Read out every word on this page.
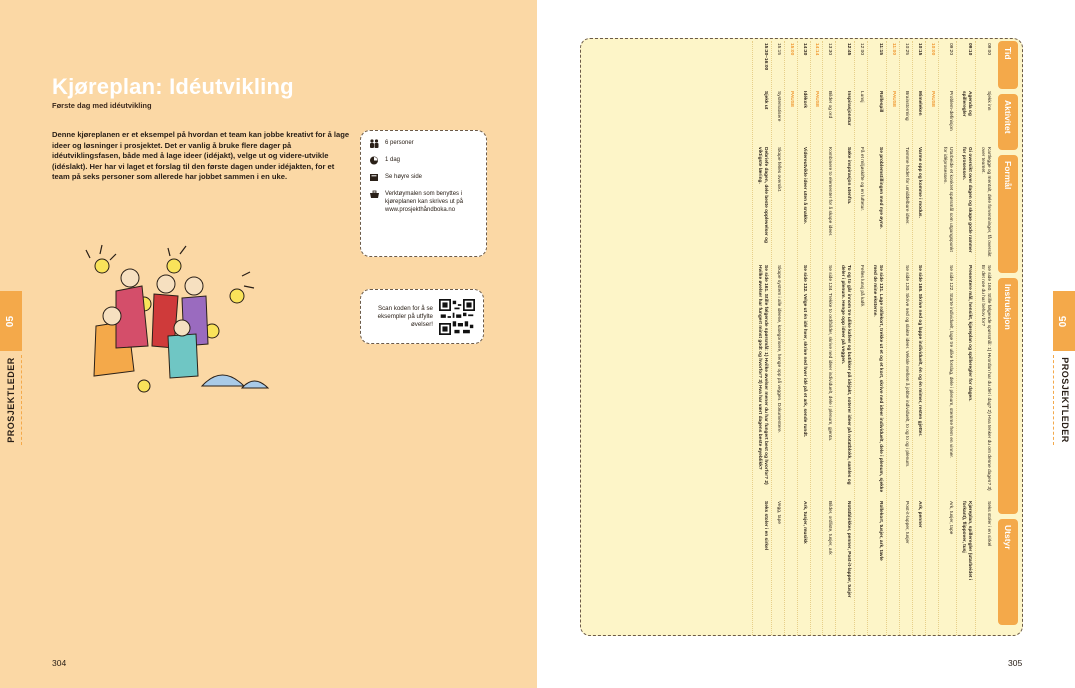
Kjøreplan: Idéutvikling
Første dag med idéutvikling
Denne kjøreplanen er et eksempel på hvordan et team kan jobbe kreativt for å lage ideer og løsninger i prosjektet. Det er vanlig å bruke flere dager på idéutviklingsfasen, både med å lage ideer (idéjakt), velge ut og videre-utvikle (idéslakt). Her har vi laget et forslag til den første dagen under idéjakten, for et team på seks personer som allerede har jobbet sammen i en uke.
6 personer
1 dag
Se høyre side
Verktøymalen som benyttes i kjøreplanen kan skrives ut på www.prosjekthåndboka.no
Scan koden for å se eksempler på utfylte øvelser!
05
PROSJEKTLEDER
304	305
Tid
Aktivitet
Formål
Instruksjon
Utstyr
09:00
Sjekk inn
Kartlegge og mentalt, dele forventninger, få oversikt over teamet.
Se side 160. Stille følgende spørsmål: 1) Hvordan har du det i dag? 2) Hva tenker du om denne dagen? 3) Er det noe du har behov for?
Seks stoler i en sirkel
09:10
Agenda og spilleregler
Gi oversikt over dagen og skape gode rammer for prosessen.
Presentere mål, hensikt, kjøreplan og spilleregler for dagen.
Kjøreplan, spilleregler (utarbeidet i forkant), flippover, tusj
09:20
Problem-definisjon
Utarbeide et konkret spørsmål som utgangspunkt for idéprosessen.
Se side 122. Starte individuelt, lage tre ulike forslag, dele i plenum, stemme frem en vinner.
Ark, tusjer, tape
10:00
PAUSE
10:15
Mimeleken
Varme opp og komme i modus.
Se side 165. Skrive ned og lappe individuelt, én og én mimer, resten gjetter.
Ark, penner
10:25
Brainstorming
Tømme hodet for umiddelbare ideer.
Se side 130. Skrive ned og slakte ideer. Veksle mellom å jobbe individuelt, to og to og i plenum.
Post-it-lapper, tusjer
11:00
PAUSE
11:15
Rollespill
Se problemstillingen med nye øyne.
Se side 131. Lage rollekort, trekke ut et og et kort, skrive ned ideer individuelt, dele i plenum, sjekke med de mine eksterne.
Rollekort, tusjer, ark, tavle
12:00
Lunsj
Få et miljøskifte og en luftetur.
Felles lunsj på kafé.
12:45
Inspirasjonstur
Søke inspirasjon utenfra.
To og to går innom tre ulike kafeer og butikker på idéjakt, noterer ideer på notatblokk, samles og deler i plenum. Henge opp ideer på veggen.
Notatblokker, penner, Post-it-lapper, tusjer
13:30
Bilder og ord
Kombinere to elementer for å skape ideer.
Se side 134. Trekke to ord/bilder, skrive ned ideer individuelt, dele i plenum, gjenta.
Bilder, ordliste, tusjer, ark
14:14
PAUSE
14:30
Idékork
Videreutvikle ideer uten å snakke.
Se side 132. Velge ut én idé hver, skrive ned hver idé på et ark, sende rundt.
Ark, tusjer, musikk
15:00
PAUSE
15:15
Systematisere
Skape felles oversikt.
Skape system i alle ideene, kategorisere, henge opp på veggen. Dokumentere.
Vegg, tape
15:30–16:00
Sjekk ut
Debriefe dagen, dele beste opplevelser og viktigste læring.
Se side 161. Stille følgende spørsmål: 1) Hvilke øvelser mener du har fungert best og hvorfor? 2) Hvilke øvelser har fungert minst godt og hvorfor? 3) Hva har vært dagens beste øyeblikk?
Seks stoler i en sirkel
05
PROSJEKTLEDER
